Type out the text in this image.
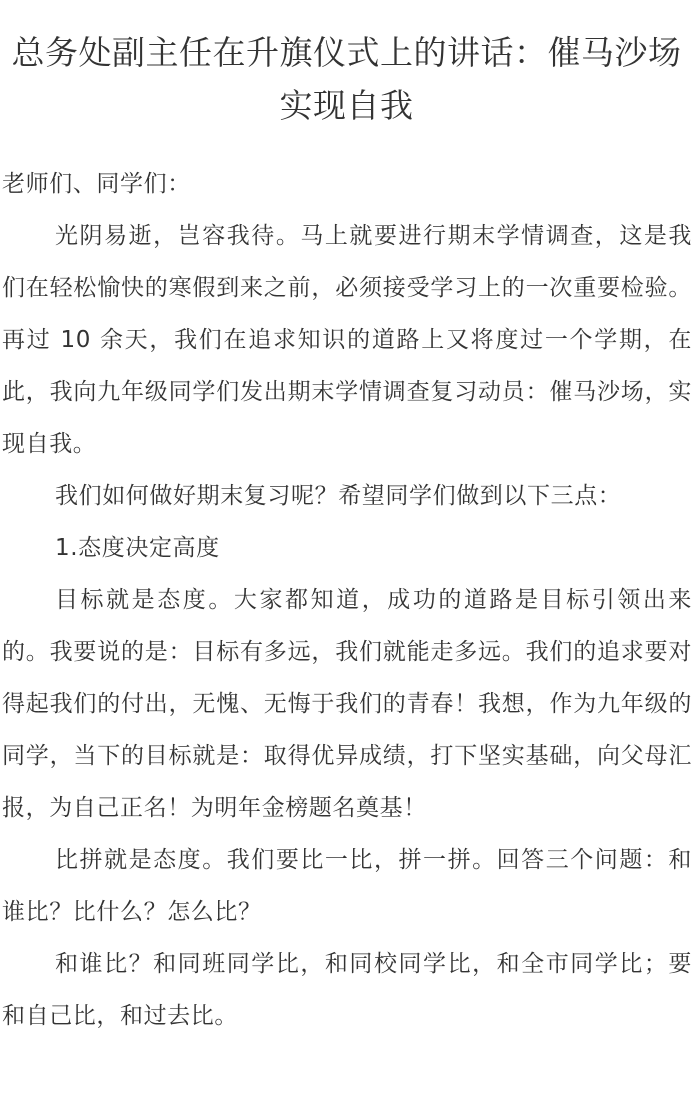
总务处副主任在升旗仪式上的讲话：催马沙场实现自我

老师们、同学们：

光阴易逝，岂容我待。马上就要进行期末学情调查，这是我们在轻松愉快的寒假到来之前，必须接受学习上的一次重要检验。再过 10 余天，我们在追求知识的道路上又将度过一个学期，在此，我向九年级同学们发出期末学情调查复习动员：催马沙场，实现自我。

我们如何做好期末复习呢？希望同学们做到以下三点：

1.态度决定高度

目标就是态度。大家都知道，成功的道路是目标引领出来的。我要说的是：目标有多远，我们就能走多远。我们的追求要对得起我们的付出，无愧、无悔于我们的青春！我想，作为九年级的同学，当下的目标就是：取得优异成绩，打下坚实基础，向父母汇报，为自己正名！为明年金榜题名奠基！

比拼就是态度。我们要比一比，拼一拼。回答三个问题：和谁比？比什么？怎么比？

和谁比？和同班同学比，和同校同学比，和全市同学比；要和自己比，和过去比。
